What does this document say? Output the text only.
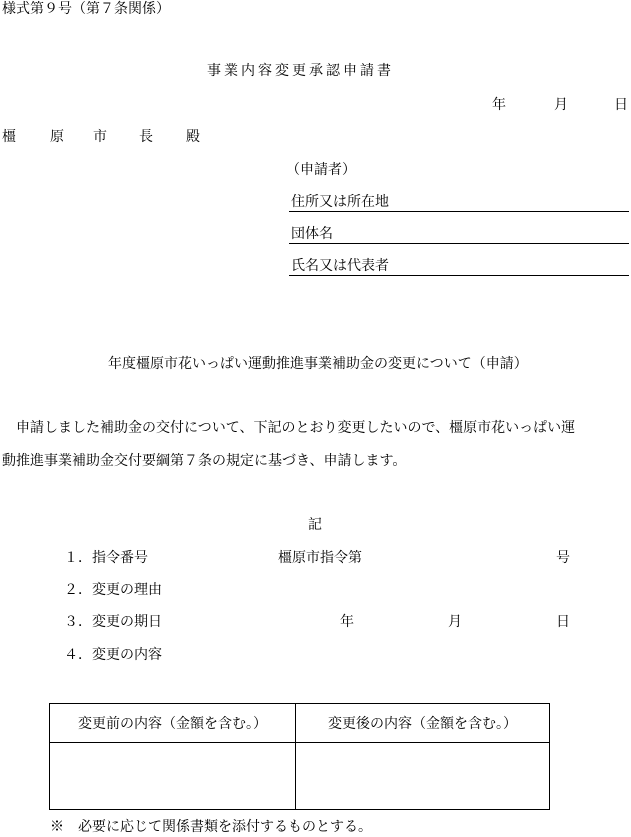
様式第９号（第７条関係）
事業内容変更承認申請書
年	月	日
橿 原 市 長 殿
（申請者）
住所又は所在地
団体名
氏名又は代表者
年度橿原市花いっぱい運動推進事業補助金の変更について（申請）
申請しました補助金の交付について、下記のとおり変更したいので、橿原市花いっぱい運
動推進事業補助金交付要綱第７条の規定に基づき、申請します。
記
１．指令番号	橿原市指令第	号
２．変更の理由
３．変更の期日	年	月	日
４．変更の内容
変更前の内容（金額を含む。）	変更後の内容（金額を含む。）

※　必要に応じて関係書類を添付するものとする。
